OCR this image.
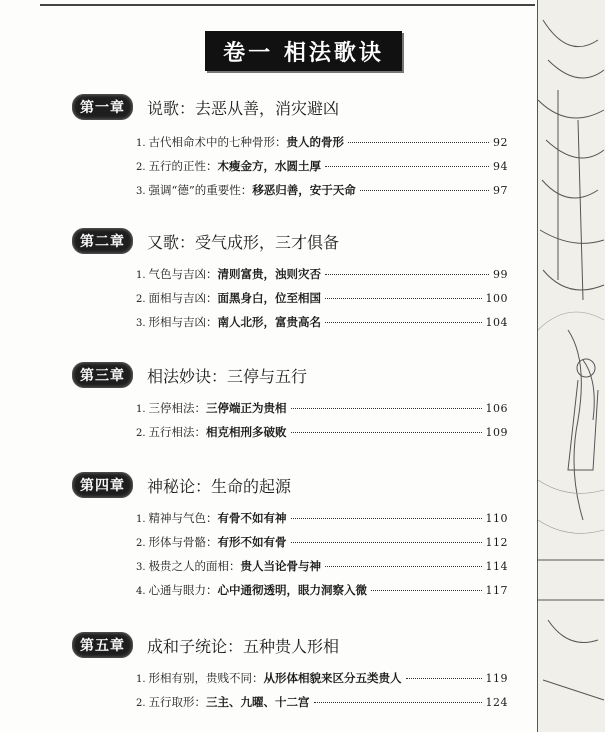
卷一 相法歌诀
第一章	说歌：去恶从善，消灾避凶
1. 古代相命术中的七种骨形： 贵人的骨形	92
2. 五行的正性： 木瘦金方，水圆土厚	94
3. 强调“德”的重要性： 移恶归善，安于天命	97
第二章	又歌：受气成形，三才俱备
1. 气色与吉凶： 清则富贵，浊则灾否	99
2. 面相与吉凶： 面黑身白，位至相国	100
3. 形相与吉凶： 南人北形，富贵高名	104
第三章	相法妙诀：三停与五行
1. 三停相法： 三停端正为贵相	106
2. 五行相法： 相克相刑多破败	109
第四章	神秘论：生命的起源
1. 精神与气色： 有骨不如有神	110
2. 形体与骨骼： 有形不如有骨	112
3. 极贵之人的面相： 贵人当论骨与神	114
4. 心通与眼力： 心中通彻透明，眼力洞察入微	117
第五章	成和子统论：五种贵人形相
1. 形相有别，贵贱不同： 从形体相貌来区分五类贵人	119
2. 五行取形： 三主、九曜、十二宫	124
